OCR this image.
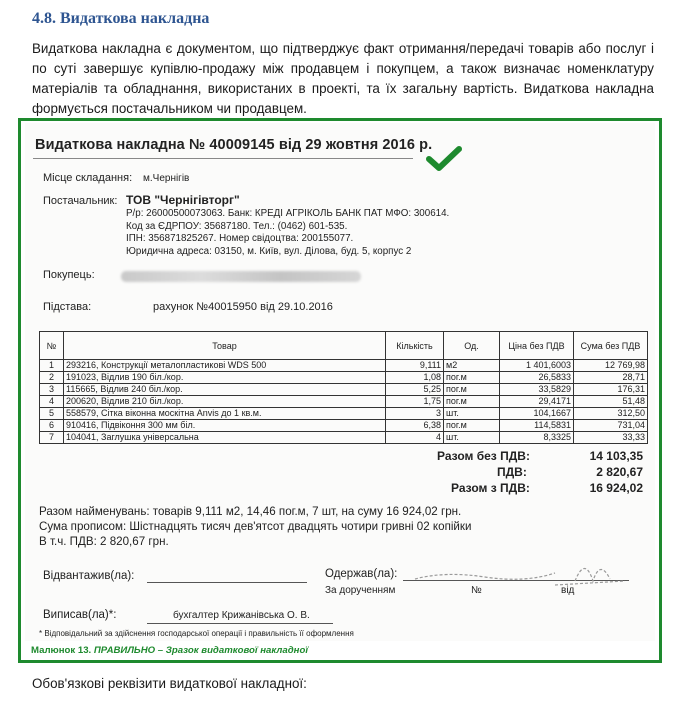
4.8. Видаткова накладна
Видаткова накладна є документом, що підтверджує факт отримання/передачі товарів або послуг і по суті завершує купівлю-продажу між продавцем і покупцем, а також визначає номенклатуру матеріалів та обладнання, використаних в проекті, та їх загальну вартість. Видаткова накладна формується постачальником чи продавцем.
Видаткова накладна № 40009145 від 29 жовтня 2016 р.
Місце складання: м.Чернігів
Постачальник: ТОВ "Чернігівторг"
Р/р: 26000500073063. Банк: КРЕДІ АГРІКОЛЬ БАНК ПАТ МФО: 300614.
Код за ЄДРПОУ: 35687180. Тел.: (0462) 601-535.
ІПН: 356871825267. Номер свідоцтва: 200155077.
Юридична адреса: 03150, м. Київ, вул. Ділова, буд. 5, корпус 2
Покупець:
Підстава:	рахунок №40015950 від 29.10.2016
№	Товар	Кількість	Од.	Ціна без ПДВ	Сума без ПДВ
1	293216, Конструкції металопластикові WDS 500	9,111	м2	1 401,6003	12 769,98
2	191023, Відлив 190 біл./кор.	1,08	пог.м	26,5833	28,71
3	115665, Відлив 240 біл./кор.	5,25	пог.м	33,5829	176,31
4	200620, Відлив 210 біл./кор.	1,75	пог.м	29,4171	51,48
5	558579, Сітка віконна москітна Anvis до 1 кв.м.	3	шт.	104,1667	312,50
6	910416, Підвіконня 300 мм біл.	6,38	пог.м	114,5831	731,04
7	104041, Заглушка універсальна	4	шт.	8,3325	33,33
Разом без ПДВ:	14 103,35
ПДВ:	2 820,67
Разом з ПДВ:	16 924,02
Разом найменувань: товарів 9,111 м2, 14,46 пог.м, 7 шт, на суму 16 924,02 грн.
Сума прописом: Шістнадцять тисяч дев'ятсот двадцять чотири гривні 02 копійки
В т.ч. ПДВ: 2 820,67 грн.
Відвантажив(ла):	Одержав(ла):
За дорученням	№	від
Виписав(ла)*:	бухгалтер Крижанівська О. В.
* Відповідальний за здійснення господарської операції і правильність її оформлення
Малюнок 13. ПРАВИЛЬНО – Зразок видаткової накладної
Обов'язкові реквізити видаткової накладної:
